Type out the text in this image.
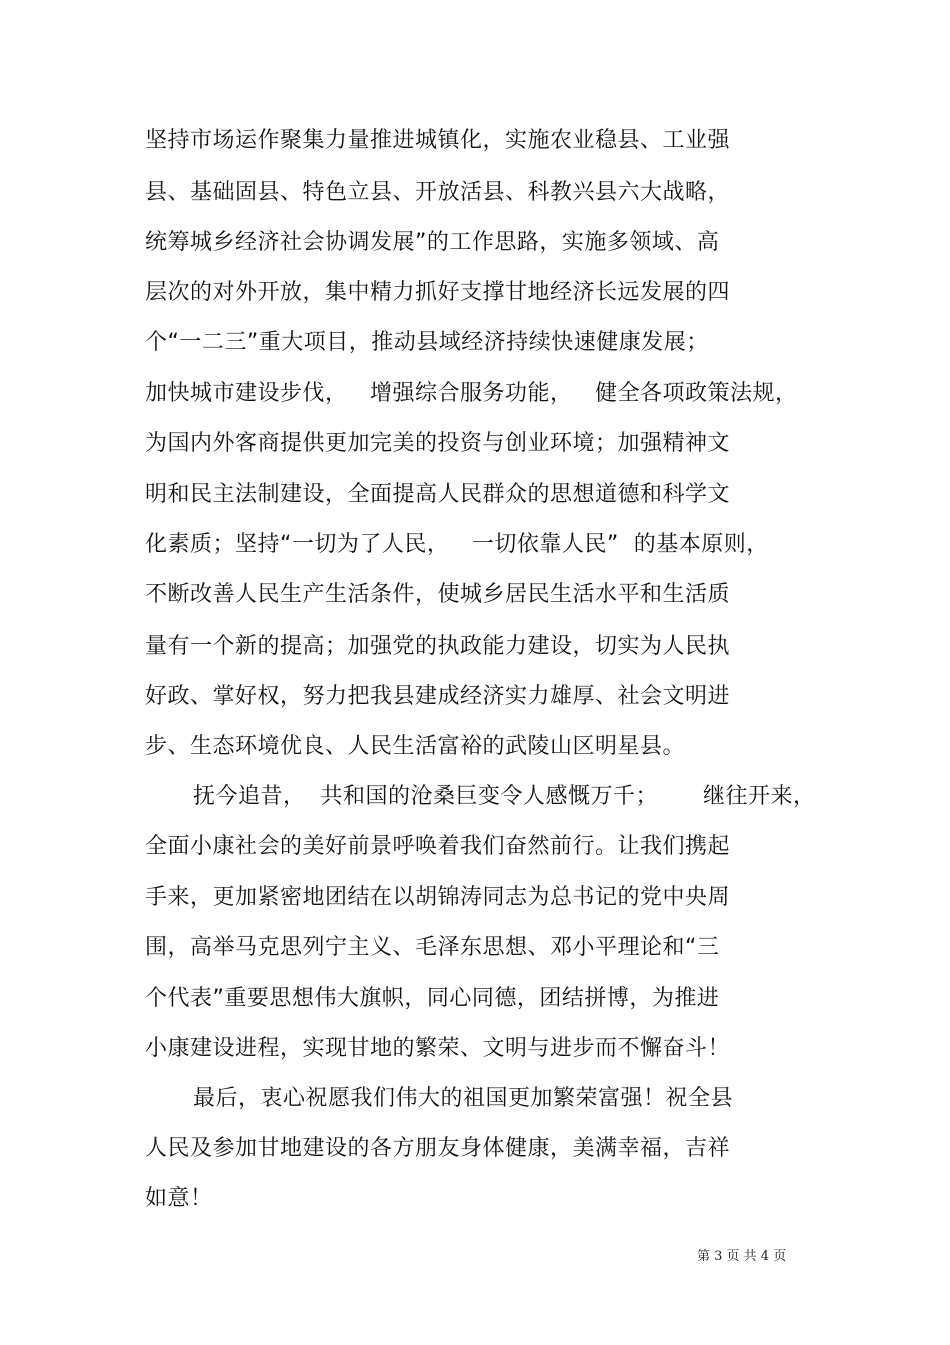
坚持市场运作聚集力量推进城镇化，实施农业稳县、工业强
县、基础固县、特色立县、开放活县、科教兴县六大战略，
统筹城乡经济社会协调发展”的工作思路，实施多领域、高
层次的对外开放，集中精力抓好支撑甘地经济长远发展的四
个“一二三”重大项目，推动县域经济持续快速健康发展；
加快城市建设步伐，   增强综合服务功能，   健全各项政策法规，
为国内外客商提供更加完美的投资与创业环境；加强精神文
明和民主法制建设，全面提高人民群众的思想道德和科学文
化素质；坚持“一切为了人民，   一切依靠人民”  的基本原则，
不断改善人民生产生活条件，使城乡居民生活水平和生活质
量有一个新的提高；加强党的执政能力建设，切实为人民执
好政、掌好权，努力把我县建成经济实力雄厚、社会文明进
步、生态环境优良、人民生活富裕的武陵山区明星县。
抚今追昔，  共和国的沧桑巨变令人感慨万千；      继往开来，
全面小康社会的美好前景呼唤着我们奋然前行。让我们携起
手来，更加紧密地团结在以胡锦涛同志为总书记的党中央周
围，高举马克思列宁主义、毛泽东思想、邓小平理论和“三
个代表”重要思想伟大旗帜，同心同德，团结拼博，为推进
小康建设进程，实现甘地的繁荣、文明与进步而不懈奋斗！
最后，衷心祝愿我们伟大的祖国更加繁荣富强！祝全县
人民及参加甘地建设的各方朋友身体健康，美满幸福，吉祥
如意！
第 3 页 共 4 页
